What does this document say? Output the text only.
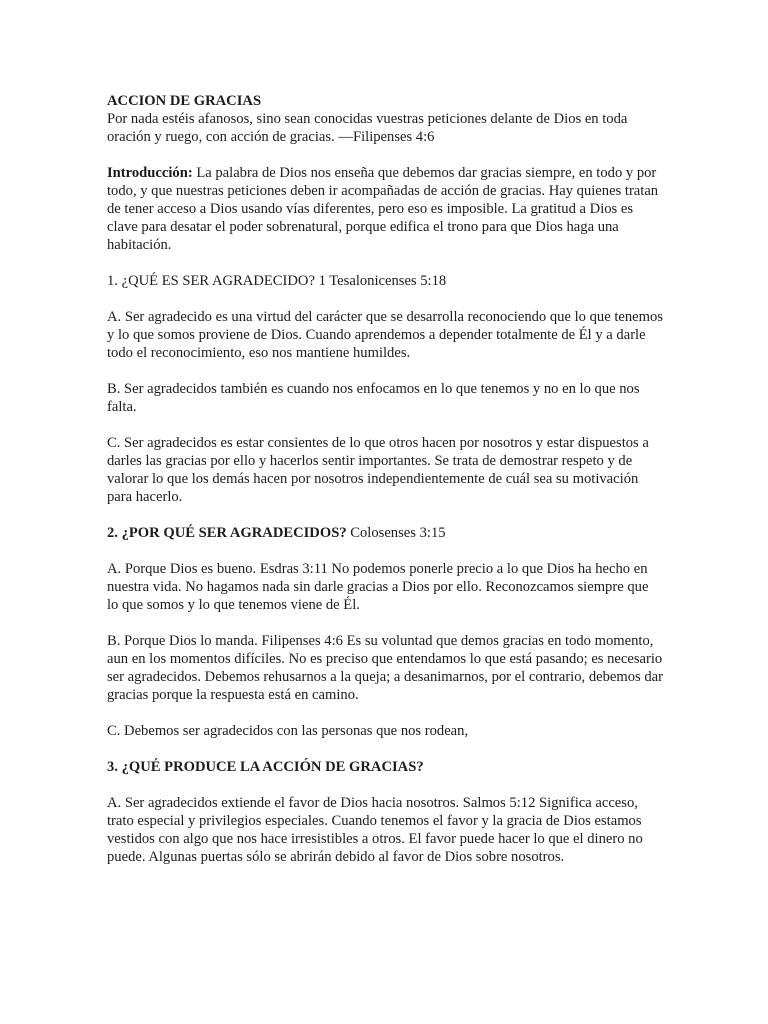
ACCION DE GRACIAS
Por nada estéis afanosos, sino sean conocidas vuestras peticiones delante de Dios en toda oración y ruego, con acción de gracias. —Filipenses 4:6

Introducción: La palabra de Dios nos enseña que debemos dar gracias siempre, en todo y por todo, y que nuestras peticiones deben ir acompañadas de acción de gracias. Hay quienes tratan de tener acceso a Dios usando vías diferentes, pero eso es imposible. La gratitud a Dios es clave para desatar el poder sobrenatural, porque edifica el trono para que Dios haga una habitación.

1. ¿QUÉ ES SER AGRADECIDO? 1 Tesalonicenses 5:18

A. Ser agradecido es una virtud del carácter que se desarrolla reconociendo que lo que tenemos y lo que somos proviene de Dios. Cuando aprendemos a depender totalmente de Él y a darle todo el reconocimiento, eso nos mantiene humildes.

B. Ser agradecidos también es cuando nos enfocamos en lo que tenemos y no en lo que nos falta.

C. Ser agradecidos es estar consientes de lo que otros hacen por nosotros y estar dispuestos a darles las gracias por ello y hacerlos sentir importantes. Se trata de demostrar respeto y de valorar lo que los demás hacen por nosotros independientemente de cuál sea su motivación para hacerlo.

2. ¿POR QUÉ SER AGRADECIDOS? Colosenses 3:15

A. Porque Dios es bueno. Esdras 3:11 No podemos ponerle precio a lo que Dios ha hecho en nuestra vida. No hagamos nada sin darle gracias a Dios por ello. Reconozcamos siempre que lo que somos y lo que tenemos viene de Él.

B. Porque Dios lo manda. Filipenses 4:6 Es su voluntad que demos gracias en todo momento, aun en los momentos difíciles. No es preciso que entendamos lo que está pasando; es necesario ser agradecidos. Debemos rehusarnos a la queja; a desanimarnos, por el contrario, debemos dar gracias porque la respuesta está en camino.

C. Debemos ser agradecidos con las personas que nos rodean,

3. ¿QUÉ PRODUCE LA ACCIÓN DE GRACIAS?

A. Ser agradecidos extiende el favor de Dios hacia nosotros. Salmos 5:12 Significa acceso, trato especial y privilegios especiales. Cuando tenemos el favor y la gracia de Dios estamos vestidos con algo que nos hace irresistibles a otros. El favor puede hacer lo que el dinero no puede. Algunas puertas sólo se abrirán debido al favor de Dios sobre nosotros.
